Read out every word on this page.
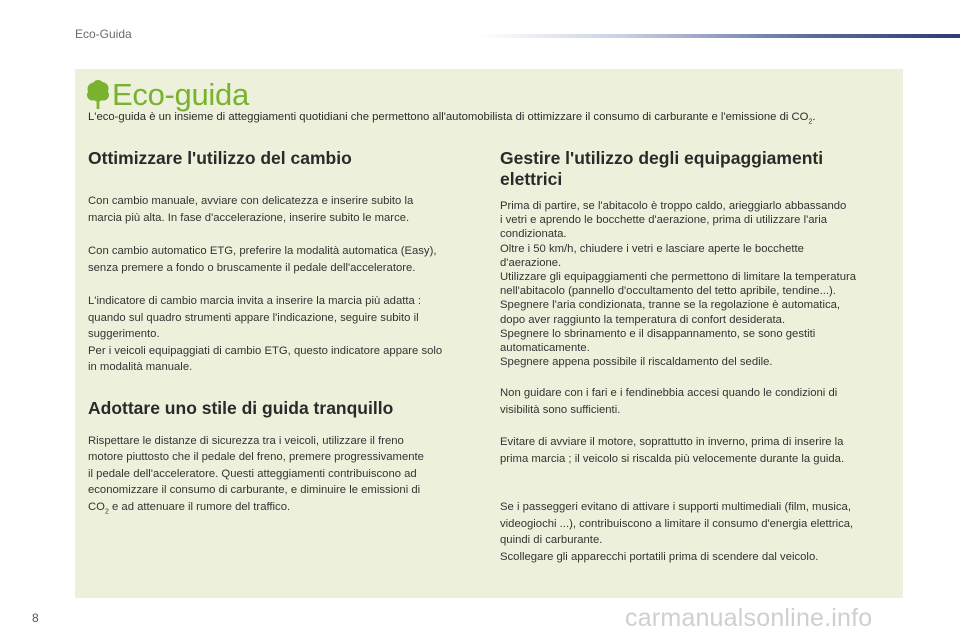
Eco-Guida
Eco-guida
L'eco-guida è un insieme di atteggiamenti quotidiani che permettono all'automobilista di ottimizzare il consumo di carburante e l'emissione di $CO_2$.
Ottimizzare l'utilizzo del cambio

Con cambio manuale, avviare con delicatezza e inserire subito la
marcia più alta. In fase d'accelerazione, inserire subito le marce.

Con cambio automatico ETG, preferire la modalità automatica (Easy),
senza premere a fondo o bruscamente il pedale dell'acceleratore.

L'indicatore di cambio marcia invita a inserire la marcia più adatta :
quando sul quadro strumenti appare l'indicazione, seguire subito il
suggerimento.
Per i veicoli equipaggiati di cambio ETG, questo indicatore appare solo
in modalità manuale.

Adottare uno stile di guida tranquillo

Rispettare le distanze di sicurezza tra i veicoli, utilizzare il freno
motore piuttosto che il pedale del freno, premere progressivamente
il pedale dell'acceleratore. Questi atteggiamenti contribuiscono ad
economizzare il consumo di carburante, e diminuire le emissioni di
$CO_2$ e ad attenuare il rumore del traffico.

Gestire l'utilizzo degli equipaggiamenti
elettrici

Prima di partire, se l'abitacolo è troppo caldo, arieggiarlo abbassando
i vetri e aprendo le bocchette d'aerazione, prima di utilizzare l'aria
condizionata.
Oltre i 50 km/h, chiudere i vetri e lasciare aperte le bocchette
d'aerazione.
Utilizzare gli equipaggiamenti che permettono di limitare la temperatura
nell'abitacolo (pannello d'occultamento del tetto apribile, tendine...).
Spegnere l'aria condizionata, tranne se la regolazione è automatica,
dopo aver raggiunto la temperatura di confort desiderata.
Spegnere lo sbrinamento e il disappannamento, se sono gestiti
automaticamente.
Spegnere appena possibile il riscaldamento del sedile.

Non guidare con i fari e i fendinebbia accesi quando le condizioni di
visibilità sono sufficienti.

Evitare di avviare il motore, soprattutto in inverno, prima di inserire la
prima marcia ; il veicolo si riscalda più velocemente durante la guida.

Se i passeggeri evitano di attivare i supporti multimediali (film, musica,
videogiochi ...), contribuiscono a limitare il consumo d'energia elettrica,
quindi di carburante.
Scollegare gli apparecchi portatili prima di scendere dal veicolo.

8	carmanualsonline.info
